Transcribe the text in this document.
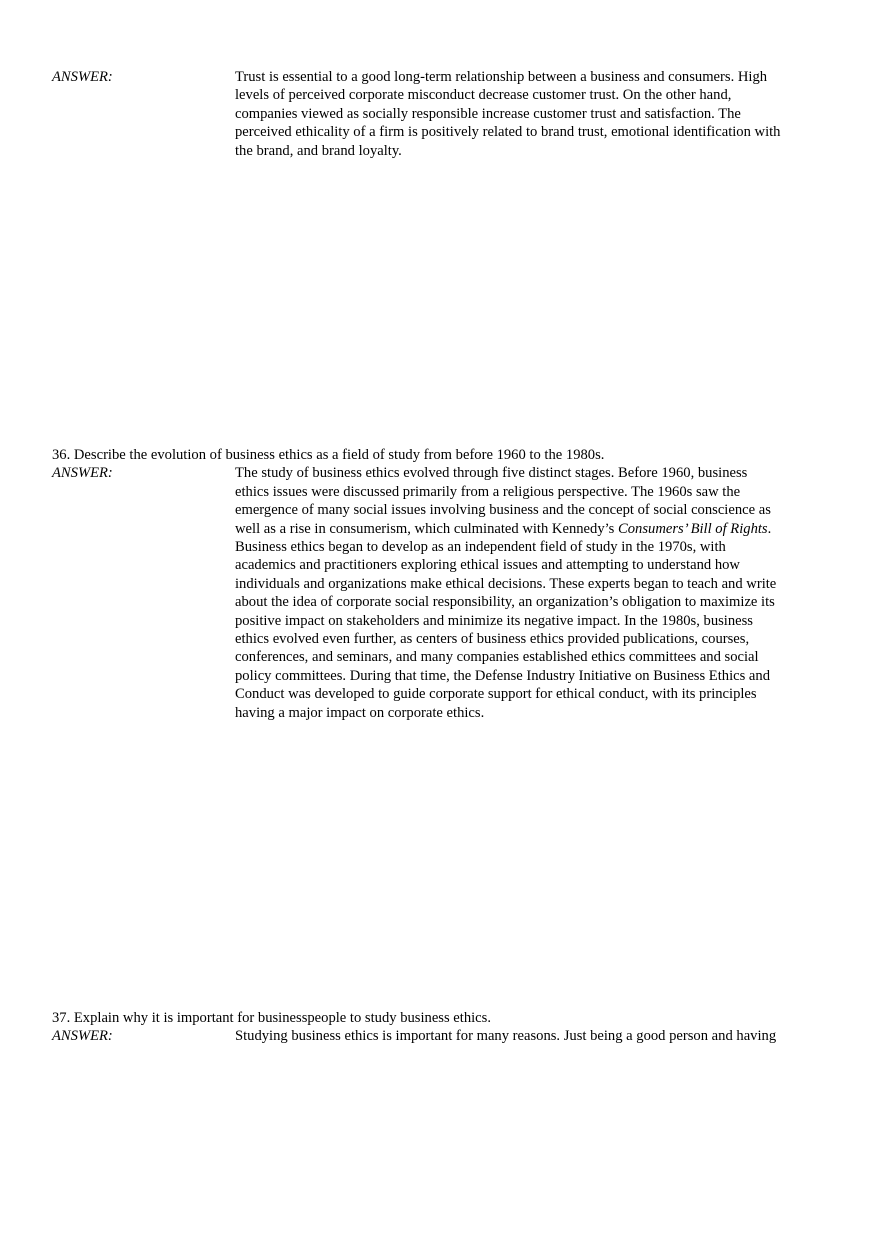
ANSWER:	Trust is essential to a good long-term relationship between a business and consumers. High
levels of perceived corporate misconduct decrease customer trust. On the other hand,
companies viewed as socially responsible increase customer trust and satisfaction. The
perceived ethicality of a firm is positively related to brand trust, emotional identification with
the brand, and brand loyalty.

36. Describe the evolution of business ethics as a field of study from before 1960 to the 1980s.

ANSWER:	The study of business ethics evolved through five distinct stages. Before 1960, business
ethics issues were discussed primarily from a religious perspective. The 1960s saw the
emergence of many social issues involving business and the concept of social conscience as
well as a rise in consumerism, which culminated with Kennedy’s Consumers’ Bill of Rights.
Business ethics began to develop as an independent field of study in the 1970s, with
academics and practitioners exploring ethical issues and attempting to understand how
individuals and organizations make ethical decisions. These experts began to teach and write
about the idea of corporate social responsibility, an organization’s obligation to maximize its
positive impact on stakeholders and minimize its negative impact. In the 1980s, business
ethics evolved even further, as centers of business ethics provided publications, courses,
conferences, and seminars, and many companies established ethics committees and social
policy committees. During that time, the Defense Industry Initiative on Business Ethics and
Conduct was developed to guide corporate support for ethical conduct, with its principles
having a major impact on corporate ethics.

37. Explain why it is important for businesspeople to study business ethics.

ANSWER:	Studying business ethics is important for many reasons. Just being a good person and having
